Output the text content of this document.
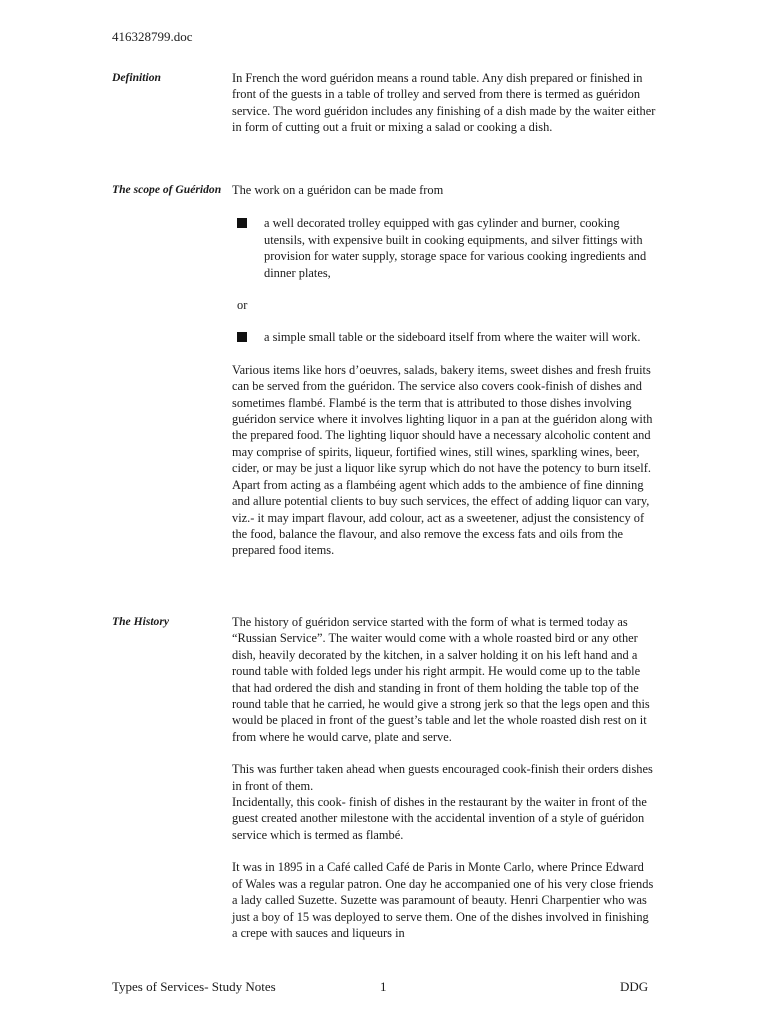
416328799.doc
Definition	In French the word guéridon means a round table. Any dish prepared or finished in front of the guests in a table of trolley and served from there is termed as guéridon service. The word guéridon includes any finishing of a dish made by the waiter either in form of cutting out a fruit or mixing a salad or cooking a dish.

The scope of Guéridon The work on a guéridon can be made from

a well decorated trolley equipped with gas cylinder and burner, cooking utensils, with expensive built in cooking equipments, and silver fittings with provision for water supply, storage space for various cooking ingredients and dinner plates,

or

a simple small table or the sideboard itself from where the waiter will work.

Various items like hors d’oeuvres, salads, bakery items, sweet dishes and fresh fruits can be served from the guéridon. The service also covers cook-finish of dishes and sometimes flambé. Flambé is the term that is attributed to those dishes involving guéridon service where it involves lighting liquor in a pan at the guéridon along with the prepared food. The lighting liquor should have a necessary alcoholic content and may comprise of spirits, liqueur, fortified wines, still wines, sparkling wines, beer, cider, or may be just a liquor like syrup which do not have the potency to burn itself. Apart from acting as a flambéing agent which adds to the ambience of fine dinning and allure potential clients to buy such services, the effect of adding liquor can vary, viz.- it may impart flavour, add colour, act as a sweetener, adjust the consistency of the food, balance the flavour, and also remove the excess fats and oils from the prepared food items.

The History	The history of guéridon service started with the form of what is termed today as “Russian Service”. The waiter would come with a whole roasted bird or any other dish, heavily decorated by the kitchen, in a salver holding it on his left hand and a round table with folded legs under his right armpit. He would come up to the table that had ordered the dish and standing in front of them holding the table top of the round table that he carried, he would give a strong jerk so that the legs open and this would be placed in front of the guest’s table and let the whole roasted dish rest on it from where he would carve, plate and serve.

This was further taken ahead when guests encouraged cook-finish their orders dishes in front of them.

Incidentally, this cook- finish of dishes in the restaurant by the waiter in front of the guest created another milestone with the accidental invention of a style of guéridon service which is termed as flambé.

It was in 1895 in a Café called Café de Paris in Monte Carlo, where Prince Edward of Wales was a regular patron. One day he accompanied one of his very close friends a lady called Suzette. Suzette was paramount of beauty. Henri Charpentier who was just a boy of 15 was deployed to serve them. One of the dishes involved in finishing a crepe with sauces and liqueurs in

Types of Services- Study Notes	1	DDG
